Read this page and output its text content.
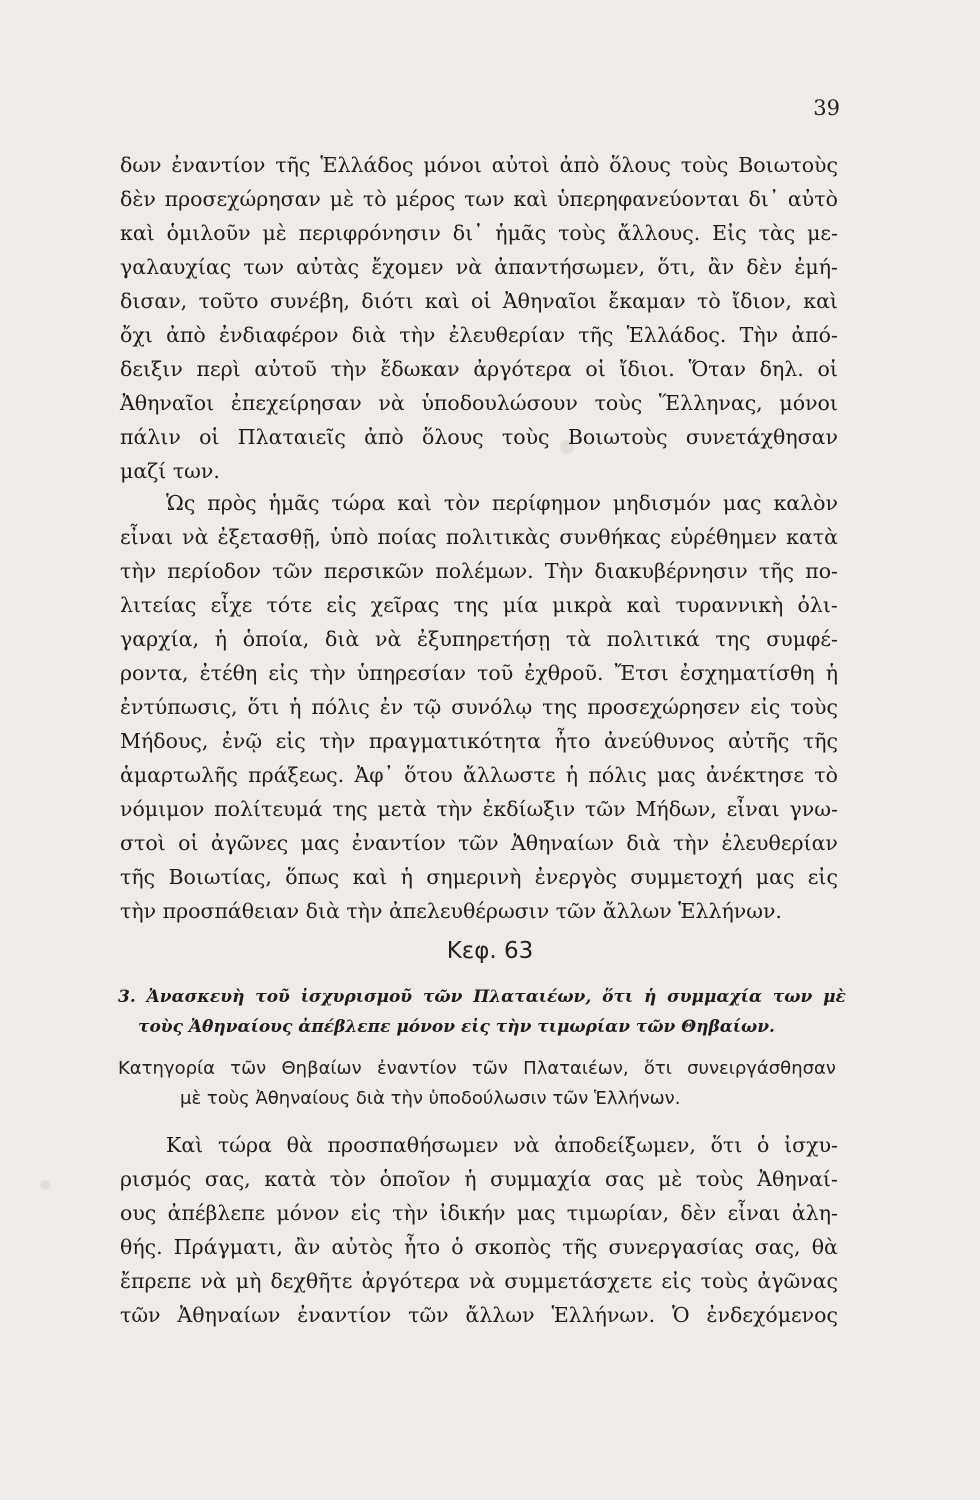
39
δων ἐναντίον τῆς Ἑλλάδος μόνοι αὐτοὶ ἀπὸ ὅλους τοὺς Βοιωτοὺς
δὲν προσεχώρησαν μὲ τὸ μέρος των καὶ ὑπερηφανεύονται δι᾽ αὐτὸ
καὶ ὁμιλοῦν μὲ περιφρόνησιν δι᾽ ἡμᾶς τοὺς ἄλλους. Εἰς τὰς με-
γαλαυχίας των αὐτὰς ἔχομεν νὰ ἀπαντήσωμεν, ὅτι, ἂν δὲν ἐμή-
δισαν, τοῦτο συνέβη, διότι καὶ οἱ Ἀθηναῖοι ἔκαμαν τὸ ἴδιον, καὶ
ὄχι ἀπὸ ἐνδιαφέρον διὰ τὴν ἐλευθερίαν τῆς Ἑλλάδος. Τὴν ἀπό-
δειξιν περὶ αὐτοῦ τὴν ἔδωκαν ἀργότερα οἱ ἴδιοι. Ὅταν δηλ. οἱ
Ἀθηναῖοι ἐπεχείρησαν νὰ ὑποδουλώσουν τοὺς Ἕλληνας, μόνοι
πάλιν οἱ Πλαταιεῖς ἀπὸ ὅλους τοὺς Βοιωτοὺς συνετάχθησαν
μαζί των.
Ὡς πρὸς ἡμᾶς τώρα καὶ τὸν περίφημον μηδισμόν μας καλὸν
εἶναι νὰ ἐξετασθῇ, ὑπὸ ποίας πολιτικὰς συνθήκας εὑρέθημεν κατὰ
τὴν περίοδον τῶν περσικῶν πολέμων. Τὴν διακυβέρνησιν τῆς πο-
λιτείας εἶχε τότε εἰς χεῖρας της μία μικρὰ καὶ τυραννικὴ ὀλι-
γαρχία, ἡ ὁποία, διὰ νὰ ἐξυπηρετήσῃ τὰ πολιτικά της συμφέ-
ροντα, ἐτέθη εἰς τὴν ὑπηρεσίαν τοῦ ἐχθροῦ. Ἔτσι ἐσχηματίσθη ἡ
ἐντύπωσις, ὅτι ἡ πόλις ἐν τῷ συνόλῳ της προσεχώρησεν εἰς τοὺς
Μήδους, ἐνῷ εἰς τὴν πραγματικότητα ἦτο ἀνεύθυνος αὐτῆς τῆς
ἁμαρτωλῆς πράξεως. Ἀφ᾽ ὅτου ἄλλωστε ἡ πόλις μας ἀνέκτησε τὸ
νόμιμον πολίτευμά της μετὰ τὴν ἐκδίωξιν τῶν Μήδων, εἶναι γνω-
στοὶ οἱ ἀγῶνες μας ἐναντίον τῶν Ἀθηναίων διὰ τὴν ἐλευθερίαν
τῆς Βοιωτίας, ὅπως καὶ ἡ σημερινὴ ἐνεργὸς συμμετοχή μας εἰς
τὴν προσπάθειαν διὰ τὴν ἀπελευθέρωσιν τῶν ἄλλων Ἑλλήνων.
Κεφ. 63
3. Ἀνασκευὴ τοῦ ἰσχυρισμοῦ τῶν Πλαταιέων, ὅτι ἡ συμμαχία των μὲ
τοὺς Ἀθηναίους ἀπέβλεπε μόνον εἰς τὴν τιμωρίαν τῶν Θηβαίων.
Κατηγορία τῶν Θηβαίων ἐναντίον τῶν Πλαταιέων, ὅτι συνειργάσθησαν
μὲ τοὺς Ἀθηναίους διὰ τὴν ὑποδούλωσιν τῶν Ἑλλήνων.
Καὶ τώρα θὰ προσπαθήσωμεν νὰ ἀποδείξωμεν, ὅτι ὁ ἰσχυ-
ρισμός σας, κατὰ τὸν ὁποῖον ἡ συμμαχία σας μὲ τοὺς Ἀθηναί-
ους ἀπέβλεπε μόνον εἰς τὴν ἰδικήν μας τιμωρίαν, δὲν εἶναι ἀλη-
θής. Πράγματι, ἂν αὐτὸς ἦτο ὁ σκοπὸς τῆς συνεργασίας σας, θὰ
ἔπρεπε νὰ μὴ δεχθῆτε ἀργότερα νὰ συμμετάσχετε εἰς τοὺς ἀγῶνας
τῶν Ἀθηναίων ἐναντίον τῶν ἄλλων Ἑλλήνων. Ὁ ἐνδεχόμενος
